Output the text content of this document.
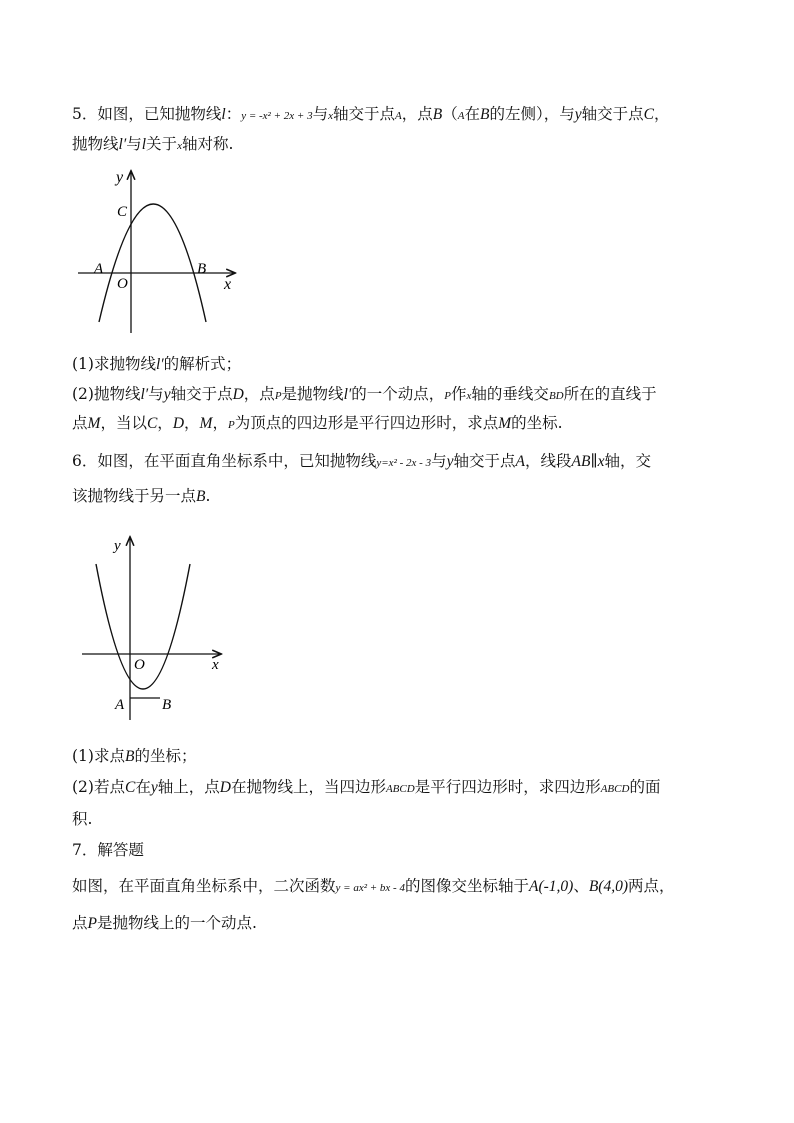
5．如图，已知抛物线l：y = -x² + 2x + 3与x轴交于点A，点B（A在B的左侧），与y轴交于点C，
抛物线l′与l关于x轴对称.
y
C
A
O
B
x
(1)求抛物线l′的解析式；
(2)抛物线l′与y轴交于点D，点P是抛物线l′的一个动点，P作x轴的垂线交BD所在的直线于
点M，当以C，D，M，P为顶点的四边形是平行四边形时，求点M的坐标.
6．如图，在平面直角坐标系中，已知抛物线y=x² - 2x - 3与y轴交于点A，线段AB∥x轴，交
该抛物线于另一点B.
y
O	x
A	B
(1)求点B的坐标；
(2)若点C在y轴上，点D在抛物线上，当四边形ABCD是平行四边形时，求四边形ABCD的面
积.
7．解答题
如图，在平面直角坐标系中，二次函数y = ax² + bx - 4的图像交坐标轴于A(-1,0)、B(4,0)两点，
点P是抛物线上的一个动点.
